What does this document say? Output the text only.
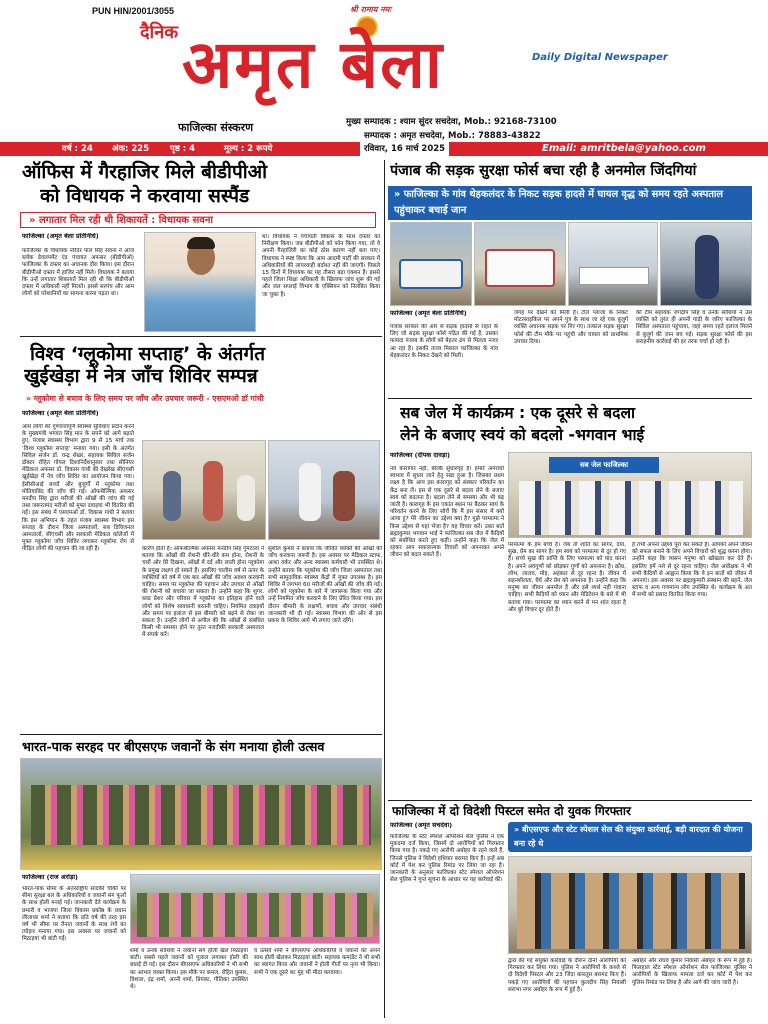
PUN HIN/2001/3055	श्री रामाय नमः
दैनिक अमृत बेला	Daily Digital Newspaper
फाजिल्का संस्करण	मुख्य सम्पादक : श्याम सुंदर सचदेवा, Mob.: 92168-73100
सम्पादक : अमृत सचदेवा, Mob.: 78883-43822
वर्ष : 24 अंक: 225 पृष्ठ : 4	मूल्य : 2 रूपये	रविवार, 16 मार्च 2025	Email: amritbela@yahoo.com
ऑफिस में गैरहाजिर मिले बीडीपीओ
को विधायक ने करवाया सस्पैंड
» लगातार मिल रही थी शिकायतें : विधायक सवना
फाजिल्का (अमृत बेला प्रतिनिधि)
फाजिल्का के विधायक नरिंदर पाल सिंह सवना ने आज ब्लॉक डेवलपमेंट एंड पंचायत अफसर (बीडीपीओ) फाजिल्का के दफ्तर का अचानक दौरा किया। इस दौरान बीडीपीओ दफ्तर में हाजिर नहीं मिले। विधायक ने बताया कि उन्हें लगातार शिकायतें मिल रही थी कि बीडीपीओ दफ्तर में अधिकारी नहीं मिलते। इससे सरपंच और आम लोगों को परेशानियों का सामना करना पड़ता था।
था। विधायक ने पंचायती विकास के साथ दफ्तर का निरीक्षण किया। जब बीडीपीओ को फोन किया गया, तो वे अपनी गैरहाजिरी का कोई ठोस कारण नहीं बता पाए। विधायक ने स्पष्ट किया कि आम आदमी पार्टी की सरकार में अधिकारियों की लापरवाही बर्दाश्त नहीं की जाएगी। पिछले 15 दिनों में विधायक का यह तीसरा बड़ा एक्शन है। इससे पहले जिला शिक्षा अधिकारी के खिलाफ जांच शुरू की गई और जल सप्लाई विभाग के एक्सियन को निलंबित किया जा चुका है।
विश्व ‘ग्लूकोमा सप्ताह’ के अंतर्गत
खुईखेड़ा में नेत्र जाँच शिविर सम्पन्न
» ग्लूकोमा से बचाव के लिए समय पर जाँच और उपचार जरूरी - एसएमओ डॉ गांधी
फाजिल्का (अमृत बेला प्रतिनिधि)
आम लोगों को गुणवत्तापूर्ण स्वास्थ्य सुविधाएं प्रदान करने के मुख्यमंत्री भगवंत सिंह मान के सपने को आगे बढ़ाते हुए, पंजाब स्वास्थ्य विभाग द्वारा 9 से 15 मार्च तक ‘विश्व ग्लूकोमा सप्ताह’ मनाया गया। इसी के अंतर्गत सिविल सर्जन डॉ. चन्द्र शेखर, सहायक सिविल सर्जन डॉक्टर रोहित गोयल दिशानिर्देशानुसार तथा सीनियर मेडिकल अफसर डॉ. विकास गांधी की देखरेख सीएचसी खुईखेड़ा में नेत्र जाँच शिविर का आयोजन किया गया। ईसीसीआई बच्चों और बुजुर्गों में ग्लूकोमा तथा मोतियाबिंद की जाँच की गई। ऑफथैल्मिक अफसर मनदीप सिंह द्वारा मरीजों की आँखों की जांच की गई तथा जरूरतमंद मरीजों को मुफ्त दवाइयां भी वितरित की गईं। इस संबंध में एसएमओ डॉ. विकास गांधी ने बताया कि इस अभियान के तहत पंजाब स्वास्थ्य विभाग इस सप्ताह के दौरान जिला अस्पतालों, सब डिविजनल अस्पतालों, सीएचसी और सरकारी मेडिकल कॉलेजों में मुफ्त ग्लूकोमा जाँच शिविर लगाकर ग्लूकोमा रोग से पीड़ित लोगों की पहचान की जा रही है।	कारण होता है। ऑफथैल्मिक अफसर मनदीप सिंह गुमटाला ने बताया कि आँखों की रोशनी धीरे-धीरे कम होना, रोशनी के चारों ओर घेरे दिखना, आँखों में दर्द और लाली होना ग्लूकोमा के प्रमुख लक्षण हो सकते हैं। इसलिए चालीस वर्ष से ऊपर के व्यक्तियों को वर्ष में एक बार आँखों की जाँच अवश्य करवानी चाहिए। समय पर ग्लूकोमा की पहचान और उपचार से आँखों की रोशनी को बचाया जा सकता है। उन्होंने कहा कि शुगर, ब्लड प्रेशर और परिवार में ग्लूकोमा का इतिहास होने वाले लोगों को विशेष सावधानी बरतनी चाहिए। नियमित दवाइयों और समय पर इलाज से इस बीमारी को बढ़ने से रोका जा सकता है। उन्होंने लोगों से अपील की कि आँखों से संबंधित किसी भी समस्या होने पर तुरंत नजदीकी सरकारी अस्पताल में संपर्क करें।
सुशील कुमार ने बताया कि जीवित व्यक्ति की आँखों की जाँच करवाना जरूरी है। इस अवसर पर मेडिकल स्टाफ, आशा वर्कर और अन्य स्वास्थ्य कर्मचारी भी उपस्थित थे। उन्होंने बताया कि ग्लूकोमा की जाँच जिला अस्पताल तथा सभी सामुदायिक स्वास्थ्य केंद्रों में मुफ्त उपलब्ध है। इस शिविर में लगभग 60 मरीजों की आँखों की जाँच की गई। लोगों को ग्लूकोमा के बारे में जागरूक किया गया और उन्हें नियमित जाँच करवाने के लिए प्रेरित किया गया। इस दौरान बीमारी के लक्षणों, बचाव और उपचार संबंधी जानकारी भी दी गई। स्वास्थ्य विभाग की ओर से इस प्रकार के शिविर आगे भी लगाए जाते रहेंगे।
भारत-पाक सरहद पर बीएसएफ जवानों के संग मनाया होली उत्सव
फाजिल्का (राज अरोड़ा)
भारत-पाक सीमा के अंतरराष्ट्रीय सादकी चौकी पर सीमा सुरक्षा बल के अधिकारियों व जवानों संग फूलों के साथ होली मनाई गई। जानकारी देते कार्यक्रम के प्रभारी व भाजपा जिला विकास प्रकोष्ठ के प्रधान लीलाधर शर्मा ने बताया कि प्रति वर्ष की तरह इस वर्ष भी सीमा पर तैनात जवानों के साथ रंगों का त्योहार मनाया गया। इस अवसर पर जवानों को मिठाइयां भी बांटी गईं।
शर्मा व उनके साथियों ने जवानों संग होली खेल मिठाइयां बांटी। सबसे पहले जवानों को गुलाल लगाकर होली की बधाई दी गई। इस दौरान बीएसएफ अधिकारियों ने भी सभी का आभार व्यक्त किया। इस मौके पर कमल, रोहित कुमार, विशाल, इंद्र शर्मा, अरनी शर्मा, प्रियंका, गीतिका उपस्थित थे।
व उत्सव शर्मा ने बीएसएफ अधिकारियों व जवानों को अपने साथ होली खेलकर मिठाइयां बांटी। सहायक कमांडेंट ने भी सभी का स्वागत किया और जवानों ने होली गीतों पर नृत्य भी किया। सभी ने एक दूसरे का मुंह भी मीठा करवाया।
पंजाब की सड़क सुरक्षा फोर्स बचा रही है अनमोल जिंदगियां
» फाजिल्का के गांव थेहकलंदर के निकट सड़क हादसे में घायल वृद्ध को समय रहते अस्पताल पहुंचाकर बचाई जान
फाजिल्का (अमृत बेला प्रतिनिधि)
पंजाब सरकार की ओर से सड़क हादसों से राहत के लिए जो सड़क सुरक्षा फोर्स गठित की गई है, उसका फायदा पंजाब के लोगों को बेहतर ढंग से मिलता नजर आ रहा है। इसकी ताजा मिसाल फाजिल्का के गांव थेहकलंदर के निकट देखने को मिली।
जगह पर देखने को मिली है। टोल प्लाजा के निकट मोटरसाइकिल पर अपने पुत्र के साथ जा रहे एक बुजुर्ग व्यक्ति अचानक सड़क पर गिर गए। तत्काल सड़क सुरक्षा फोर्स की टीम मौके पर पहुंची और घायल को प्राथमिक उपचार दिया।
की टीम सहायक जगदीप सिंह व उनके साथियों ने उस व्यक्ति को तुरंत ही अपनी गाड़ी के जरिए फाजिल्का के सिविल अस्पताल पहुंचाया, जहां समय रहते इलाज मिलने से बुजुर्ग की जान बच गई। सड़क सुरक्षा फोर्स की इस सराहनीय कार्रवाई की हर तरफ चर्चा हो रही है।
सब जेल में कार्यक्रम : एक दूसरे से बदला
लेने के बजाए स्वयं को बदलो -भगवान भाई
फाजिल्का (दीपक दावड़ा)
नव कारागार नहीं, बल्कि सुधारगृह है। हमारे अपराधी स्वभाव में सुधार लाने हेतु रखा हुआ है। जिसका प्रथम लक्ष्य है कि आप इस कारागृह को संस्कार परिवर्तन का केंद्र बना लें। इस से एक दूसरे से बदला लेने के बजाए स्वयं को बदलना है। बदला लेने से समस्या और भी बढ़ जाती है। कारागृह के इस एकांत स्थान पर बैठकर स्वयं के परिवर्तन करने के लिए सोचें कि मैं इस संसार में क्यों आया हूं? मेरे जीवन का उद्देश्य क्या है? मुझे परमात्मा ने किस उद्देश्य से यहां भेजा है? यह विचार करें। उक्त बातें ब्रह्माकुमार भगवान भाई ने फाजिल्का सब जेल में कैदियों को संबोधित करते हुए कहीं। उन्होंने कहा कि जेल में रहकर आप सकारात्मक विचारों को अपनाकर अपने जीवन को बदल सकते हैं।
सब जेल फाजिल्का
परमात्मा के हम बच्चे हैं। जब तो शांति का सागर, दया, सुख, प्रेम का सागर है। हम स्वयं को परमात्मा से दूर हो गए हैं। सच्चे सुख की प्राप्ति के लिए परमात्मा को याद करना है। अपने अवगुणों को छोड़कर गुणों को अपनाना है। क्रोध, लोभ, लालच, मोह, अहंकार से दूर रहना है। जीवन में सहनशीलता, धैर्य और प्रेम को अपनाना है। उन्होंने कहा कि मनुष्य का जीवन अनमोल है और इसे व्यर्थ नहीं गंवाना चाहिए। सभी कैदियों को ध्यान और मेडिटेशन के बारे में भी बताया गया। परमात्मा का ध्यान करने से मन शांत रहता है और बुरे विचार दूर होते हैं।
है तभी अपना उद्देश्य पूरा कर सकते हैं। आपको अपने जीवन को सफल बनाने के लिए अपने विचारों को शुद्ध करना होगा। उन्होंने कहा कि व्यसन मनुष्य को खोखला कर देते हैं। इसलिए हमें नशे से दूर रहना चाहिए। जेल अधीक्षक ने भी सभी कैदियों से आह्वान किया कि वे इन बातों को जीवन में अपनाएं। इस अवसर पर ब्रह्माकुमारी संस्थान की बहनें, जेल स्टाफ व अन्य गणमान्य लोग उपस्थित थे। कार्यक्रम के अंत में सभी को प्रसाद वितरित किया गया।
फाजिल्का में दो विदेशी पिस्टल समेत दो युवक गिरफ्तार
फाजिल्का (अमृत सचदेवा)
फाजिल्का के स्टेट स्पेशल ऑपरेशन सेल पुलिस ने एक मुकदमा दर्ज किया, जिसमें दो आरोपियों को गिरफ्तार किया गया है। पकड़े गए आरोपी अबोहर के रहने वाले हैं, जिनसे पुलिस ने विदेशी हथियार बरामद किए हैं। इन्हें अब कोर्ट में पेश कर पुलिस रिमांड पर लिया जा रहा है। जानकारी के अनुसार फाजिल्का स्टेट स्पेशल ऑपरेशन सेल पुलिस ने गुप्त सूचना के आधार पर यह कार्रवाई की।
» बीएसएफ और स्टेट स्पेशल सेल की संयुक्त कार्रवाई, बड़ी वारदात की योजना बना रहे थे
द्वारा की गई संयुक्त कार्रवाई के दौरान दोनों आरोपियों को गिरफ्तार कर लिया गया। पुलिस ने आरोपियों के कब्जे से दो विदेशी पिस्टल और 23 जिंदा कारतूस बरामद किए हैं। पकड़े गए आरोपियों की पहचान कुलदीप सिंह निवासी सराभा नगर अबोहर के रूप में हुई है।
अबोहर और राघव कुमार निवासी अबोहर के रूप में हुई है। फिलहाल स्टेट स्पेशल ऑपरेशन सेल फाजिल्का पुलिस ने आरोपियों के खिलाफ मामला दर्ज कर कोर्ट में पेश कर पुलिस रिमांड पर लिया है और आगे की जांच जारी है।
